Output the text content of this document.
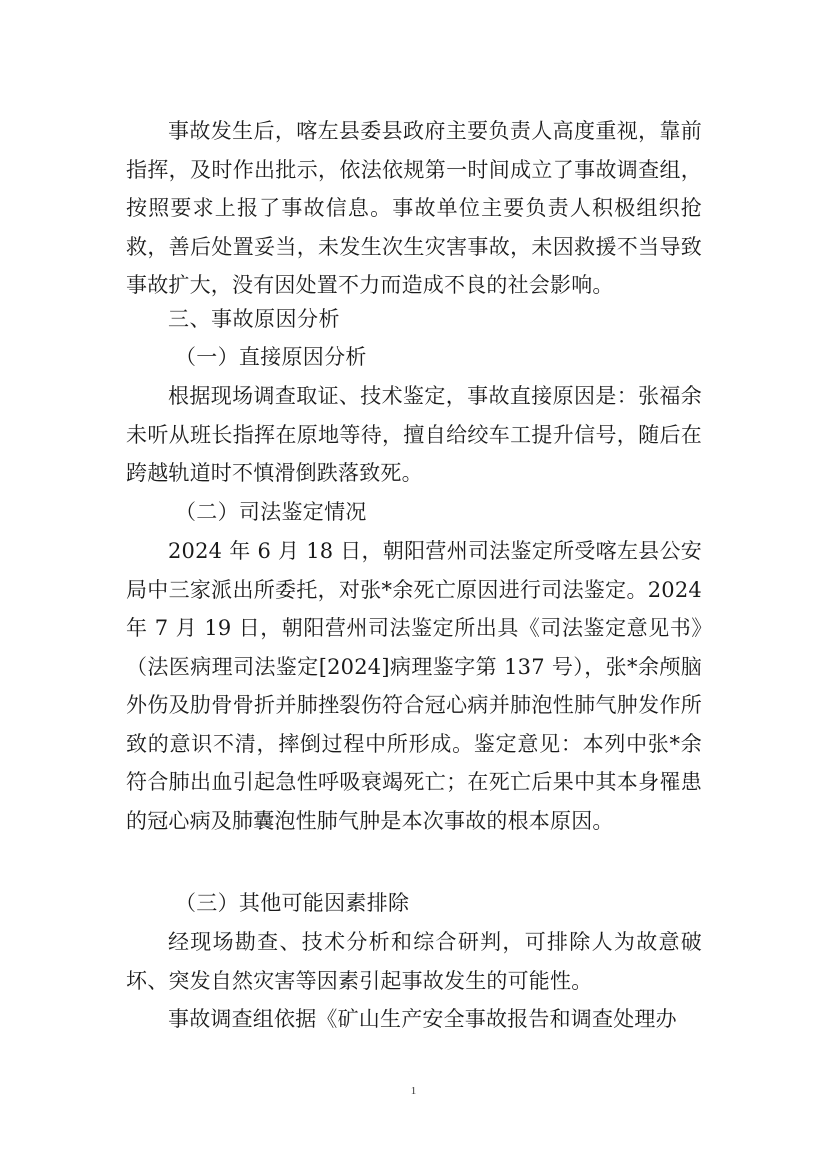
事故发生后，喀左县委县政府主要负责人高度重视，靠前指挥，及时作出批示，依法依规第一时间成立了事故调查组，按照要求上报了事故信息。事故单位主要负责人积极组织抢救，善后处置妥当，未发生次生灾害事故，未因救援不当导致事故扩大，没有因处置不力而造成不良的社会影响。

三、事故原因分析

（一）直接原因分析

根据现场调查取证、技术鉴定，事故直接原因是：张福余未听从班长指挥在原地等待，擅自给绞车工提升信号，随后在跨越轨道时不慎滑倒跌落致死。

（二）司法鉴定情况

2024 年 6 月 18 日，朝阳营州司法鉴定所受喀左县公安局中三家派出所委托，对张*余死亡原因进行司法鉴定。2024年 7 月 19 日，朝阳营州司法鉴定所出具《司法鉴定意见书》（法医病理司法鉴定[2024]病理鉴字第 137 号），张*余颅脑外伤及肋骨骨折并肺挫裂伤符合冠心病并肺泡性肺气肿发作所致的意识不清，摔倒过程中所形成。鉴定意见：本列中张*余符合肺出血引起急性呼吸衰竭死亡；在死亡后果中其本身罹患的冠心病及肺囊泡性肺气肿是本次事故的根本原因。

（三）其他可能因素排除

经现场勘查、技术分析和综合研判，可排除人为故意破坏、突发自然灾害等因素引起事故发生的可能性。

事故调查组依据《矿山生产安全事故报告和调查处理办

1
